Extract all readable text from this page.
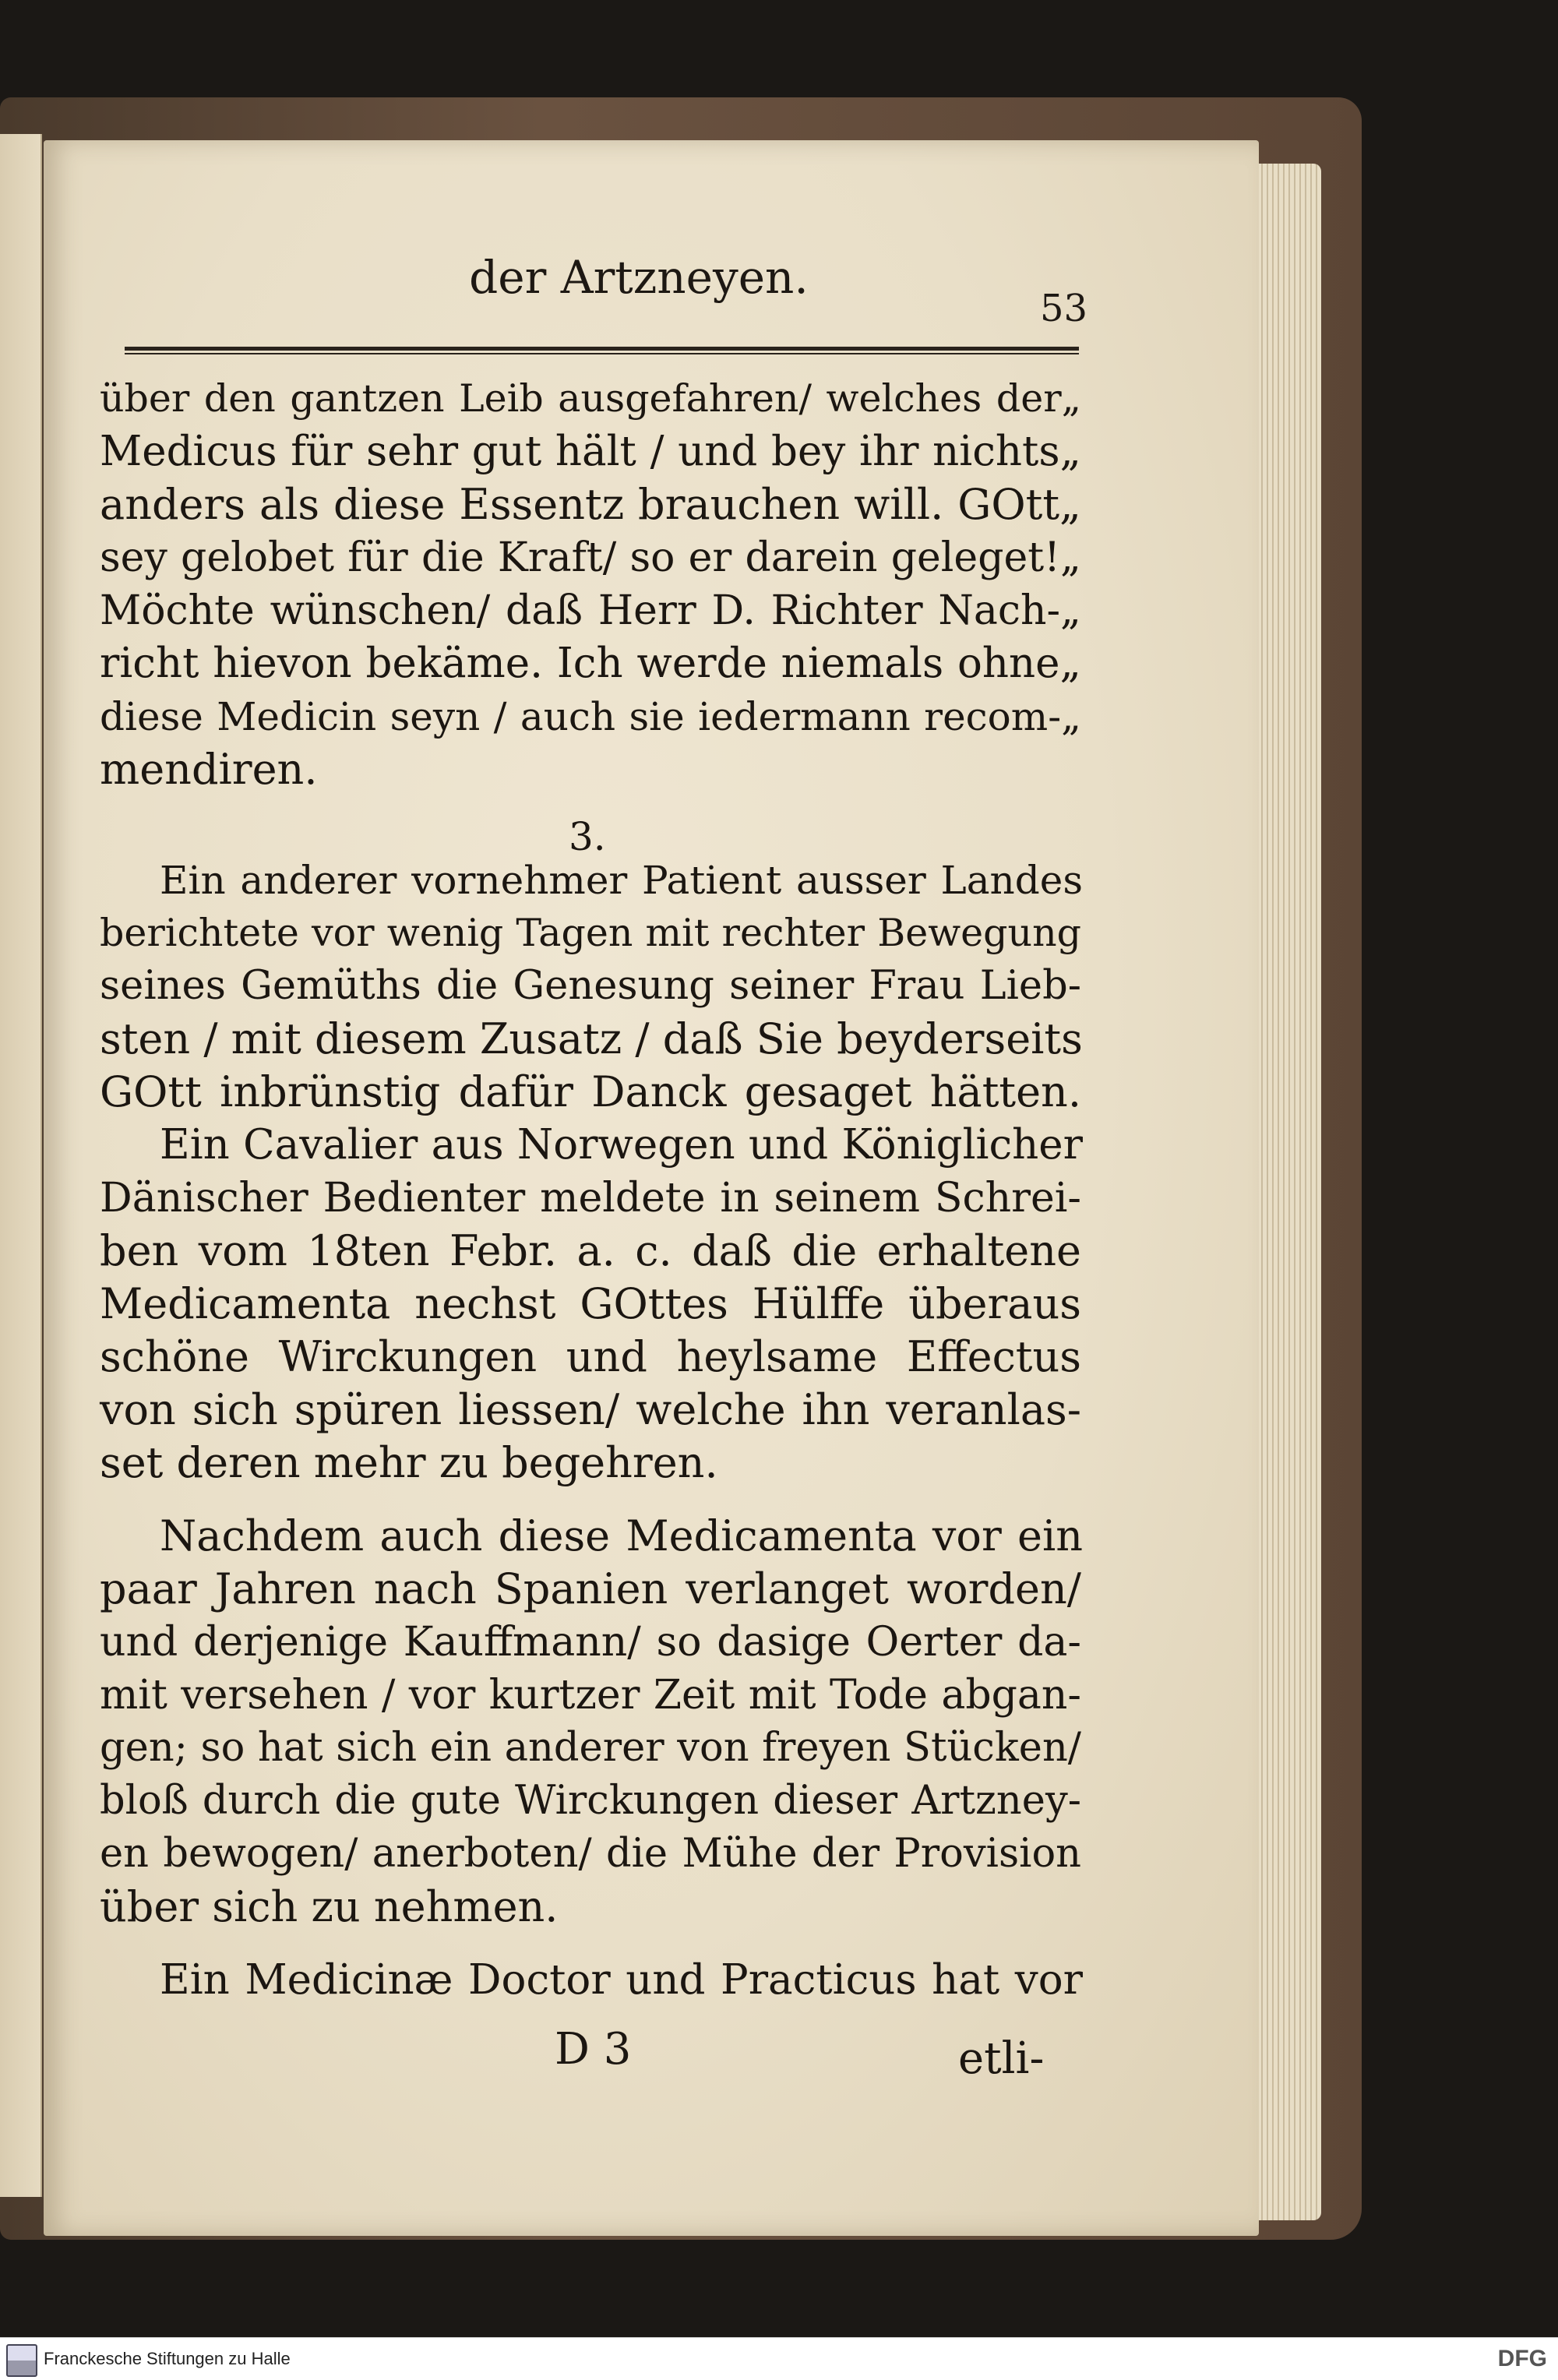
der Artzneyen.
53
über den gantzen Leib ausgefahren/ welches der„
Medicus für sehr gut hält / und bey ihr nichts„
anders als diese Essentz brauchen will. GOtt„
sey gelobet für die Kraft/ so er darein geleget!„
Möchte wünschen/ daß Herr D. Richter Nach-„
richt hievon bekäme. Ich werde niemals ohne„
diese Medicin seyn / auch sie iedermann recom-„
mendiren.
3.
Ein anderer vornehmer Patient ausser Landes
berichtete vor wenig Tagen mit rechter Bewegung
seines Gemüths die Genesung seiner Frau Lieb-
sten / mit diesem Zusatz / daß Sie beyderseits
GOtt inbrünstig dafür Danck gesaget hätten.
Ein Cavalier aus Norwegen und Königlicher
Dänischer Bedienter meldete in seinem Schrei-
ben vom 18ten Febr. a. c. daß die erhaltene
Medicamenta nechst GOttes Hülffe überaus
schöne Wirckungen und heylsame Effectus
von sich spüren liessen/ welche ihn veranlas-
set deren mehr zu begehren.
Nachdem auch diese Medicamenta vor ein
paar Jahren nach Spanien verlanget worden/
und derjenige Kauffmann/ so dasige Oerter da-
mit versehen / vor kurtzer Zeit mit Tode abgan-
gen; so hat sich ein anderer von freyen Stücken/
bloß durch die gute Wirckungen dieser Artzney-
en bewogen/ anerboten/ die Mühe der Provision
über sich zu nehmen.
Ein Medicinæ Doctor und Practicus hat vor
D 3	etli-
Franckesche Stiftungen zu Halle	DFG
